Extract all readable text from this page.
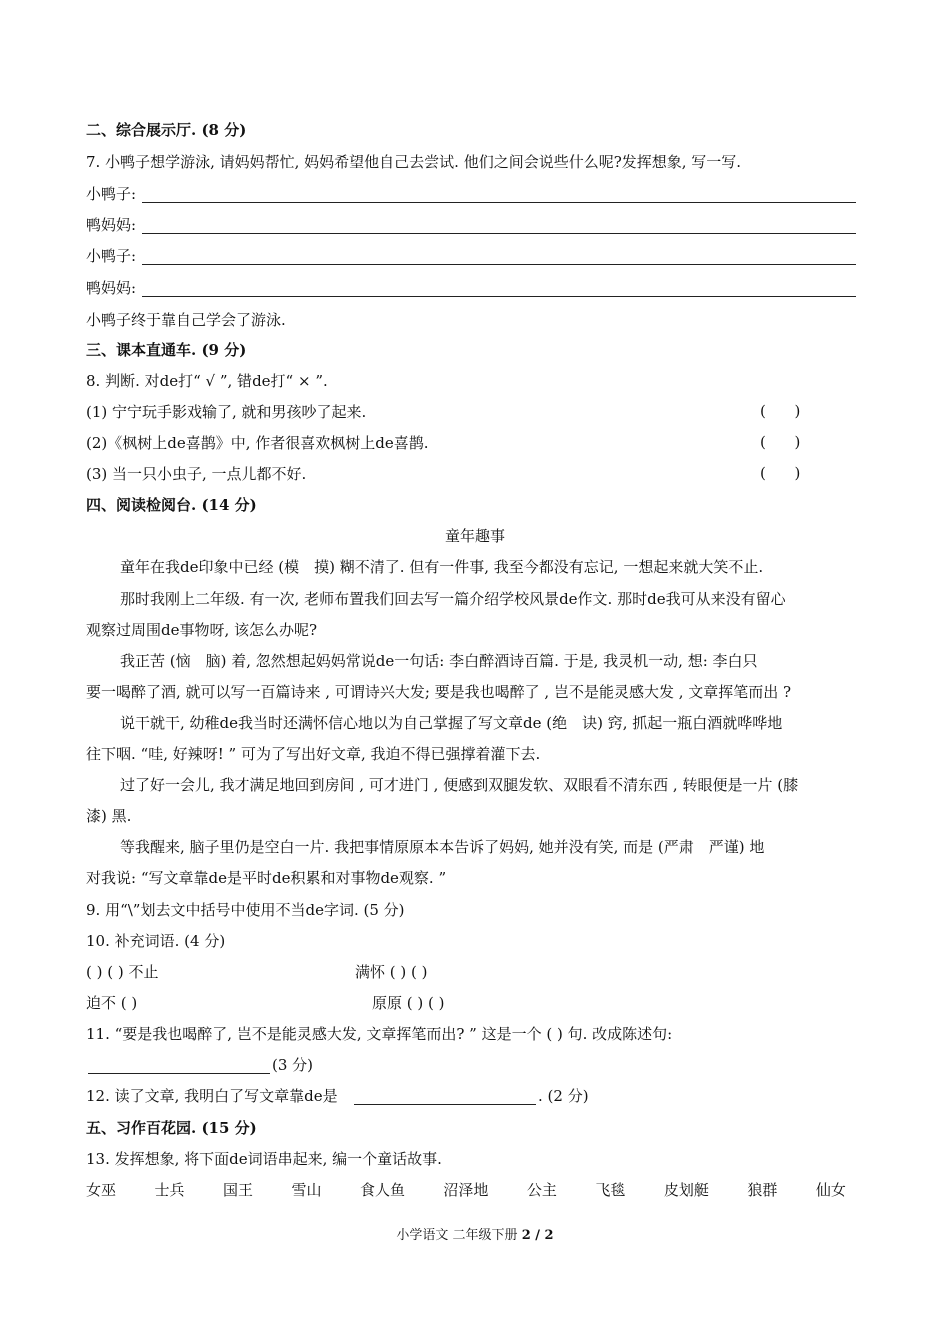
二、综合展示厅. (8 分)
7. 小鸭子想学游泳, 请妈妈帮忙, 妈妈希望他自己去尝试. 他们之间会说些什么呢?发挥想象, 写一写.
小鸭子:
鸭妈妈:
小鸭子:
鸭妈妈:
小鸭子终于靠自己学会了游泳.
三、课本直通车. (9 分)
8. 判断. 对de打“ √ ”, 错de打“ × ”.
(1) 宁宁玩手影戏输了, 就和男孩吵了起来.	(      )
(2)《枫树上de喜鹊》中, 作者很喜欢枫树上de喜鹊.	(      )
(3) 当一只小虫子, 一点儿都不好.	(      )
四、阅读检阅台. (14 分)
童年趣事
童年在我de印象中已经 (模　摸) 糊不清了. 但有一件事, 我至今都没有忘记, 一想起来就大笑不止.
那时我刚上二年级. 有一次, 老师布置我们回去写一篇介绍学校风景de作文. 那时de我可从来没有留心
观察过周围de事物呀, 该怎么办呢?
我正苦 (恼　脑) 着, 忽然想起妈妈常说de一句话: 李白醉酒诗百篇. 于是, 我灵机一动, 想: 李白只
要一喝醉了酒, 就可以写一百篇诗来 , 可谓诗兴大发; 要是我也喝醉了 , 岂不是能灵感大发 , 文章挥笔而出 ?
说干就干, 幼稚de我当时还满怀信心地以为自己掌握了写文章de (绝　诀) 窍, 抓起一瓶白酒就哗哗地
往下咽. “哇, 好辣呀! ” 可为了写出好文章, 我迫不得已强撑着灌下去.
过了好一会儿, 我才满足地回到房间 , 可才进门 , 便感到双腿发软、双眼看不清东西 , 转眼便是一片 (膝
漆) 黑.
等我醒来, 脑子里仍是空白一片. 我把事情原原本本告诉了妈妈, 她并没有笑, 而是 (严肃　严谨) 地
对我说: “写文章靠de是平时de积累和对事物de观察. ”
9. 用“\”划去文中括号中使用不当de字词. (5 分)
10. 补充词语. (4 分)
( ) ( ) 不止	满怀 ( ) ( )
迫不 ( )	原原 ( ) ( )
11. “要是我也喝醉了, 岂不是能灵感大发, 文章挥笔而出? ” 这是一个 ( ) 句. 改成陈述句:
(3 分)
12. 读了文章, 我明白了写文章靠de是	. (2 分)
五、习作百花园. (15 分)
13. 发挥想象, 将下面de词语串起来, 编一个童话故事.
女巫	士兵	国王	雪山	食人鱼	沼泽地	公主	飞毯	皮划艇	狼群	仙女
小学语文 二年级下册 2 / 2
